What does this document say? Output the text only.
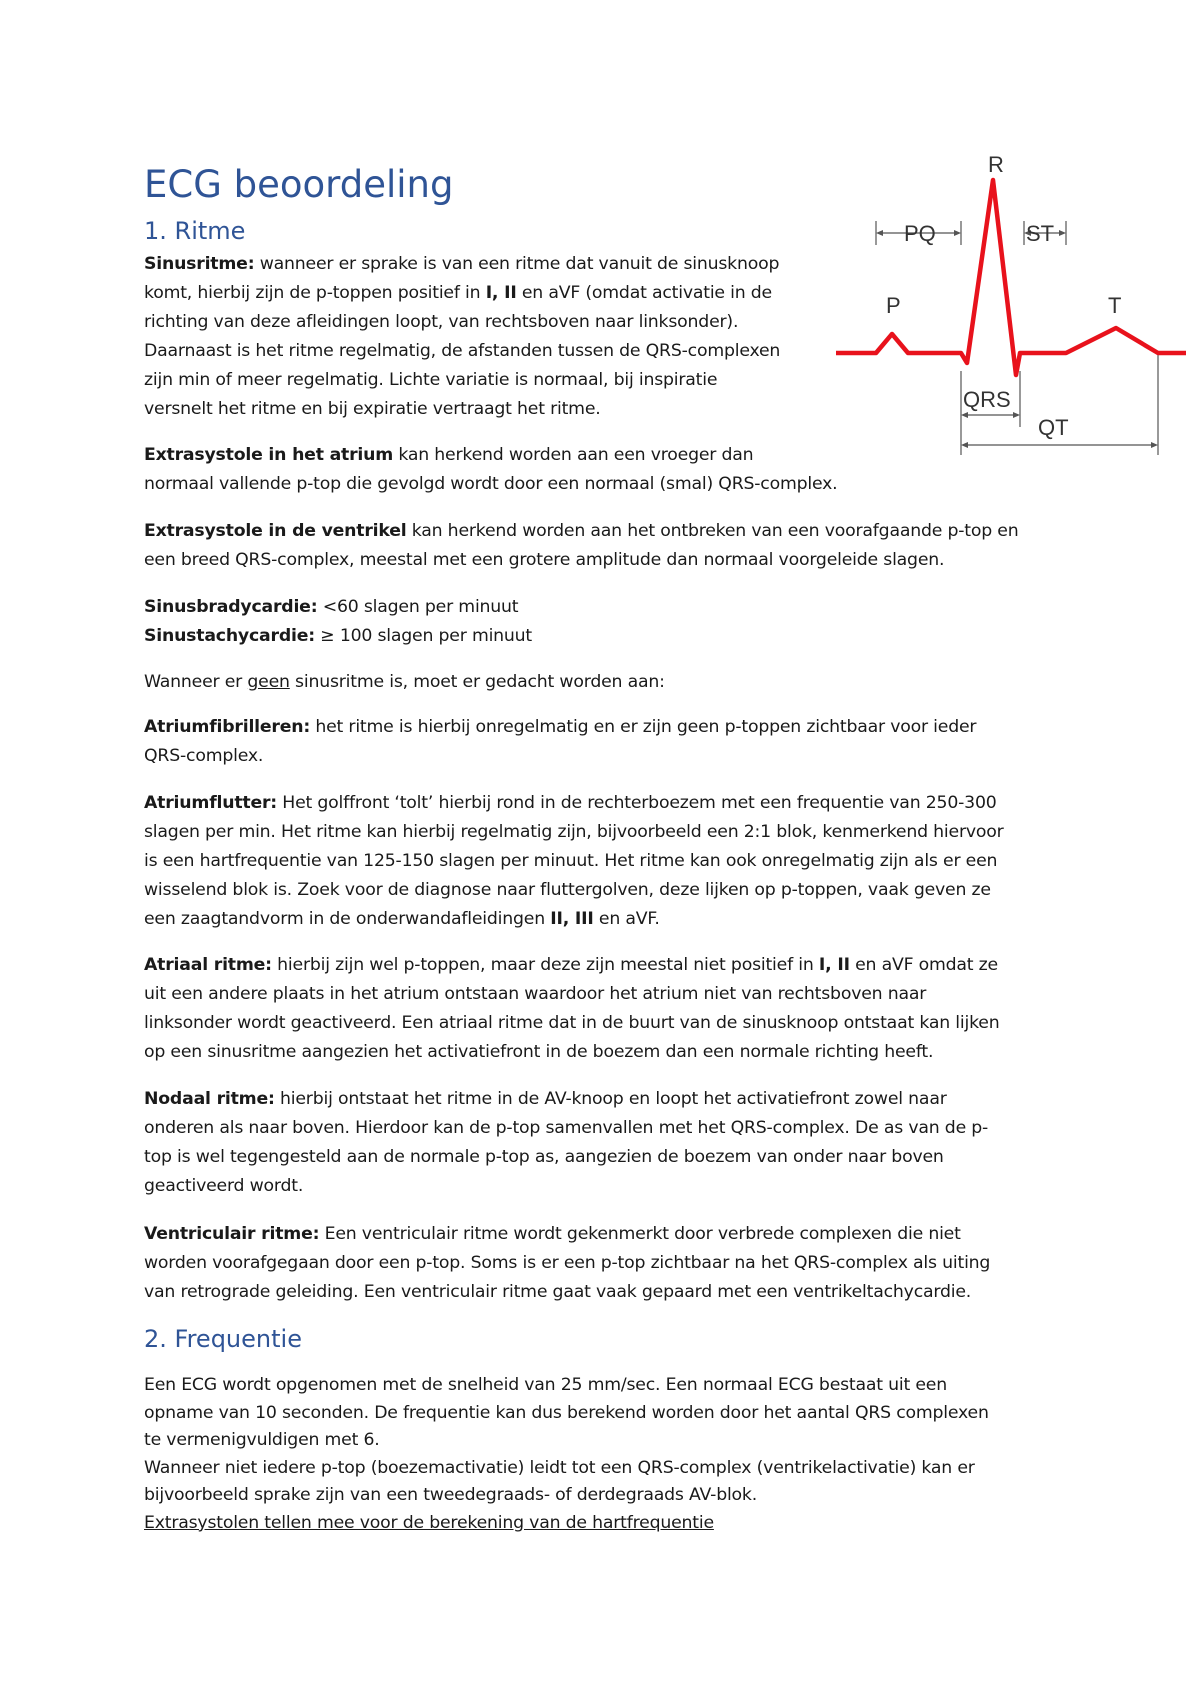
ECG beoordeling	R
PQ	ST
P	T
QRS
QT
1. Ritme

Sinusritme: wanneer er sprake is van een ritme dat vanuit de sinusknoop
komt, hierbij zijn de p-toppen positief in I, II en aVF (omdat activatie in de
richting van deze afleidingen loopt, van rechtsboven naar linksonder).
Daarnaast is het ritme regelmatig, de afstanden tussen de QRS-complexen
zijn min of meer regelmatig. Lichte variatie is normaal, bij inspiratie
versnelt het ritme en bij expiratie vertraagt het ritme.

Extrasystole in het atrium kan herkend worden aan een vroeger dan
normaal vallende p-top die gevolgd wordt door een normaal (smal) QRS-complex.

Extrasystole in de ventrikel kan herkend worden aan het ontbreken van een voorafgaande p-top en
een breed QRS-complex, meestal met een grotere amplitude dan normaal voorgeleide slagen.

Sinusbradycardie: <60 slagen per minuut
Sinustachycardie: ≥ 100 slagen per minuut

Wanneer er geen sinusritme is, moet er gedacht worden aan:

Atriumfibrilleren: het ritme is hierbij onregelmatig en er zijn geen p-toppen zichtbaar voor ieder
QRS-complex.

Atriumflutter: Het golffront ‘tolt’ hierbij rond in de rechterboezem met een frequentie van 250-300
slagen per min. Het ritme kan hierbij regelmatig zijn, bijvoorbeeld een 2:1 blok, kenmerkend hiervoor
is een hartfrequentie van 125-150 slagen per minuut. Het ritme kan ook onregelmatig zijn als er een
wisselend blok is. Zoek voor de diagnose naar fluttergolven, deze lijken op p-toppen, vaak geven ze
een zaagtandvorm in de onderwandafleidingen II, III en aVF.

Atriaal ritme: hierbij zijn wel p-toppen, maar deze zijn meestal niet positief in I, II en aVF omdat ze
uit een andere plaats in het atrium ontstaan waardoor het atrium niet van rechtsboven naar
linksonder wordt geactiveerd. Een atriaal ritme dat in de buurt van de sinusknoop ontstaat kan lijken
op een sinusritme aangezien het activatiefront in de boezem dan een normale richting heeft.

Nodaal ritme: hierbij ontstaat het ritme in de AV-knoop en loopt het activatiefront zowel naar
onderen als naar boven. Hierdoor kan de p-top samenvallen met het QRS-complex. De as van de p-
top is wel tegengesteld aan de normale p-top as, aangezien de boezem van onder naar boven
geactiveerd wordt.

Ventriculair ritme: Een ventriculair ritme wordt gekenmerkt door verbrede complexen die niet
worden voorafgegaan door een p-top. Soms is er een p-top zichtbaar na het QRS-complex als uiting
van retrograde geleiding. Een ventriculair ritme gaat vaak gepaard met een ventrikeltachycardie.

2. Frequentie

Een ECG wordt opgenomen met de snelheid van 25 mm/sec. Een normaal ECG bestaat uit een
opname van 10 seconden. De frequentie kan dus berekend worden door het aantal QRS complexen
te vermenigvuldigen met 6.
Wanneer niet iedere p-top (boezemactivatie) leidt tot een QRS-complex (ventrikelactivatie) kan er
bijvoorbeeld sprake zijn van een tweedegraads- of derdegraads AV-blok.
Extrasystolen tellen mee voor de berekening van de hartfrequentie
